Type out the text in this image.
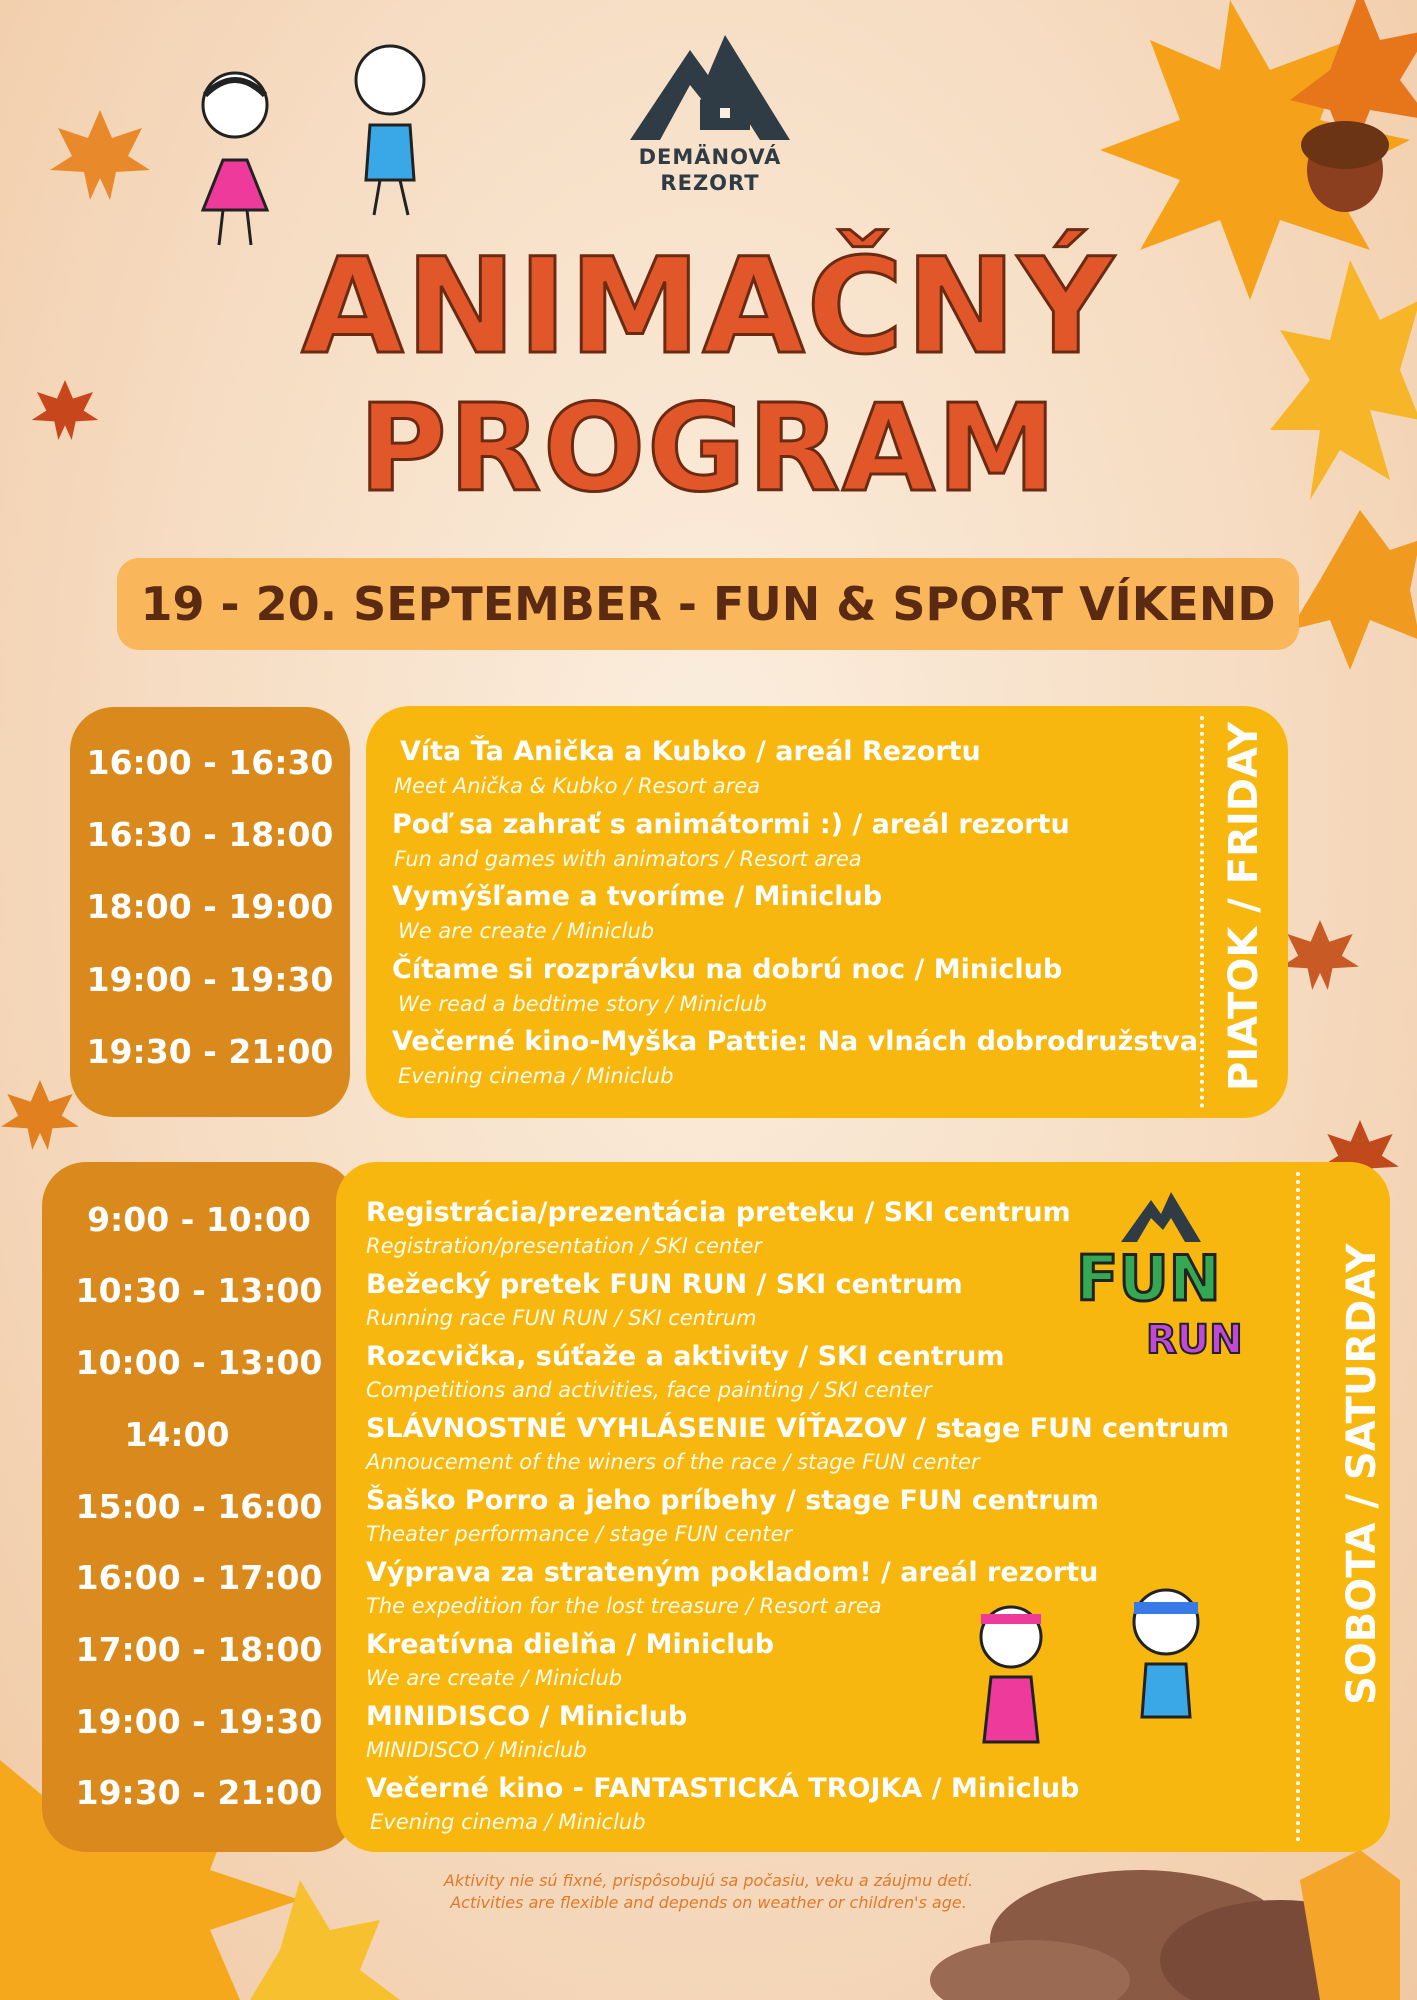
DEMÄNOVÁ
REZORT
ANIMAČNÝ
PROGRAM
19 - 20. SEPTEMBER - FUN & SPORT VÍKEND
16:00 - 16:30
16:30 - 18:00
18:00 - 19:00
19:00 - 19:30
19:30 - 21:00
Víta Ťa Anička a Kubko / areál Rezortu
Meet Anička & Kubko / Resort area
Poď sa zahrať s animátormi :) / areál rezortu
Fun and games with animators / Resort area
Vymýšľame a tvoríme / Miniclub
We are create / Miniclub
Čítame si rozprávku na dobrú noc / Miniclub
We read a bedtime story / Miniclub
Večerné kino-Myška Pattie: Na vlnách dobrodružstva
Evening cinema / Miniclub	PIATOK / FRIDAY
9:00 - 10:00
10:30 - 13:00
10:00 - 13:00
14:00
15:00 - 16:00
16:00 - 17:00
17:00 - 18:00
19:00 - 19:30
19:30 - 21:00
Registrácia/prezentácia preteku / SKI centrum
Registration/presentation / SKI center
Bežecký pretek FUN RUN / SKI centrum
Running race FUN RUN / SKI centrum
Rozcvička, súťaže a aktivity / SKI centrum
Competitions and activities, face painting / SKI center
SLÁVNOSTNÉ VYHLÁSENIE VÍŤAZOV / stage FUN centrum
Annoucement of the winers of the race / stage FUN center
Šaško Porro a jeho príbehy / stage FUN centrum
Theater performance / stage FUN center
Výprava za strateným pokladom! / areál rezortu
The expedition for the lost treasure / Resort area
Kreatívna dielňa / Miniclub
We are create / Miniclub
MINIDISCO / Miniclub
MINIDISCO / Miniclub
Večerné kino - FANTASTICKÁ TROJKA / Miniclub
Evening cinema / Miniclub
FUN
RUN SOBOTA / SATURDAY
Aktivity nie sú fixné, prispôsobujú sa počasiu, veku a záujmu detí.
Activities are flexible and depends on weather or children's age.
